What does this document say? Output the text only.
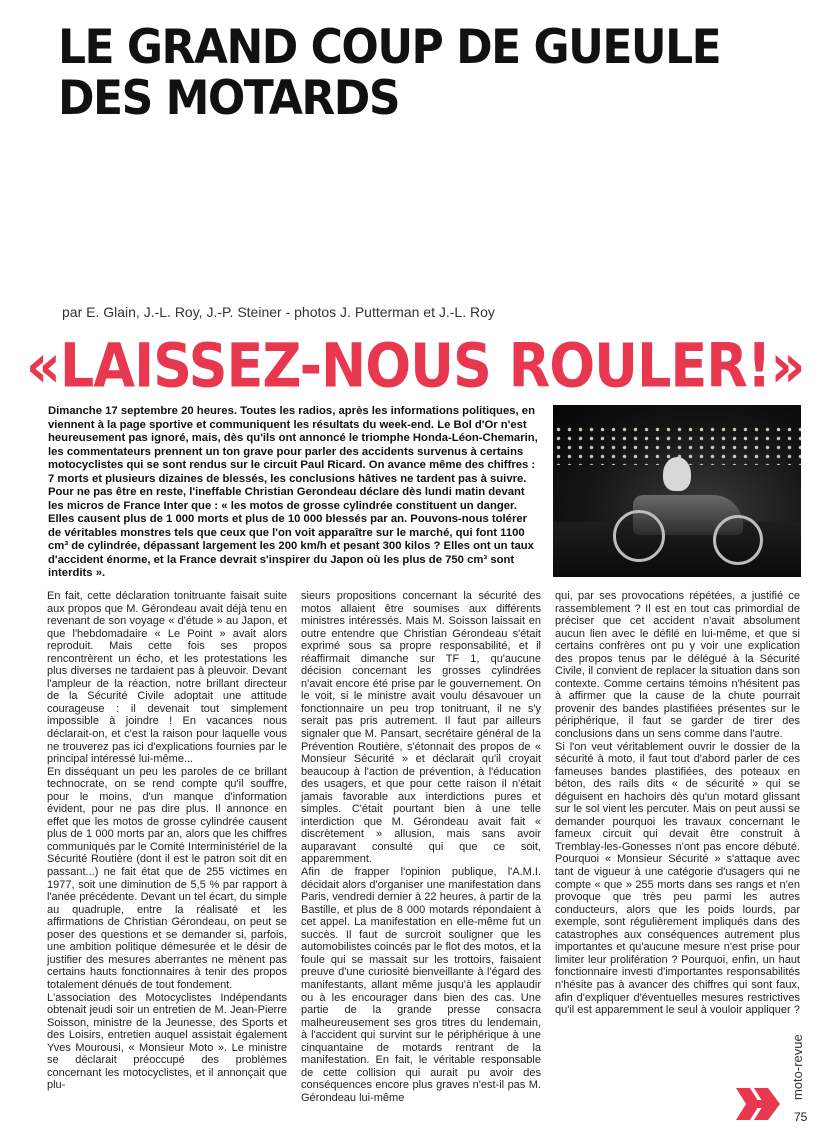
LE GRAND COUP DE GUEULE
DES MOTARDS
par E. Glain, J.-L. Roy, J.-P. Steiner - photos J. Putterman et J.-L. Roy
«LAISSEZ-NOUS ROULER!»
Dimanche 17 septembre 20 heures. Toutes les radios, après les informations politiques, en viennent à la page sportive et communiquent les résultats du week-end. Le Bol d'Or n'est heureusement pas ignoré, mais, dès qu'ils ont annoncé le triomphe Honda-Léon-Chemarin, les commentateurs prennent un ton grave pour parler des accidents survenus à certains motocyclistes qui se sont rendus sur le circuit Paul Ricard. On avance même des chiffres : 7 morts et plusieurs dizaines de blessés, les conclusions hâtives ne tardent pas à suivre. Pour ne pas être en reste, l'ineffable Christian Gerondeau déclare dès lundi matin devant les micros de France Inter que : « les motos de grosse cylindrée constituent un danger. Elles causent plus de 1 000 morts et plus de 10 000 blessés par an. Pouvons-nous tolérer de véritables monstres tels que ceux que l'on voit apparaître sur le marché, qui font 1100 cm³ de cylindrée, dépassant largement les 200 km/h et pesant 300 kilos ? Elles ont un taux d'accident énorme, et la France devrait s'inspirer du Japon où les plus de 750 cm³ sont interdits ».

En fait, cette déclaration tonitruante faisait suite aux propos que M. Gérondeau avait déjà tenu en revenant de son voyage « d'étude » au Japon, et que l'hebdomadaire « Le Point » avait alors reproduit. Mais cette fois ses propos rencontrèrent un écho, et les protestations les plus diverses ne tardaient pas à pleuvoir. Devant l'ampleur de la réaction, notre brillant directeur de la Sécurité Civile adoptait une attitude courageuse : il devenait tout simplement impossible à joindre ! En vacances nous déclarait-on, et c'est la raison pour laquelle vous ne trouverez pas ici d'explications fournies par le principal intéressé lui-même...

En disséquant un peu les paroles de ce brillant technocrate, on se rend compte qu'il souffre, pour le moins, d'un manque d'information évident, pour ne pas dire plus. Il annonce en effet que les motos de grosse cylindrée causent plus de 1 000 morts par an, alors que les chiffres communiqués par le Comité Interministériel de la Sécurité Routière (dont il est le patron soit dit en passant...) ne fait état que de 255 victimes en 1977, soit une diminution de 5,5 % par rapport à l'anée précédente. Devant un tel écart, du simple au quadruple, entre la réalisaté et les affirmations de Christian Gérondeau, on peut se poser des questions et se demander si, parfois, une ambition politique démesurée et le désir de justifier des mesures aberrantes ne mènent pas certains hauts fonctionnaires à tenir des propos totalement dénués de tout fondement.

L'association des Motocyclistes Indépendants obtenait jeudi soir un entretien de M. Jean-Pierre Soisson, ministre de la Jeunesse, des Sports et des Loisirs, entretien auquel assistait également Yves Mourousi, « Monsieur Moto ». Le ministre se déclarait préoccupé des problèmes concernant les motocyclistes, et il annonçait que plu-

sieurs propositions concernant la sécurité des motos allaient être soumises aux différents ministres intéressés. Mais M. Soisson laissait en outre entendre que Christian Gérondeau s'était exprimé sous sa propre responsabilité, et il réaffirmait dimanche sur TF 1, qu'aucune décision concernant les grosses cylindrées n'avait encore été prise par le gouvernement. On le voit, si le ministre avait voulu désavouer un fonctionnaire un peu trop tonitruant, il ne s'y serait pas pris autrement. Il faut par ailleurs signaler que M. Pansart, secrétaire général de la Prévention Routière, s'étonnait des propos de « Monsieur Sécurité » et déclarait qu'il croyait beaucoup à l'action de prévention, à l'éducation des usagers, et que pour cette raison il n'était jamais favorable aux interdictions pures et simples. C'était pourtant bien à une telle interdiction que M. Gérondeau avait fait « discrètement » allusion, mais sans avoir auparavant consulté qui que ce soit, apparemment.

Afin de frapper l'opinion publique, l'A.M.I. décidait alors d'organiser une manifestation dans Paris, vendredi dernier à 22 heures, à partir de la Bastille, et plus de 8 000 motards répondaient à cet appel. La manifestation en elle-même fut un succès. Il faut de surcroit souligner que les automobilistes coincés par le flot des motos, et la foule qui se massait sur les trottoirs, faisaient preuve d'une curiosité bienveillante à l'égard des manifestants, allant même jusqu'à les applaudir ou à les encourager dans bien des cas. Une partie de la grande presse consacra malheureusement ses gros titres du lendemain, à l'accident qui survint sur le périphérique à une cinquantaine de motards rentrant de la manifestation. En fait, le véritable responsable de cette collision qui aurait pu avoir des conséquences encore plus graves n'est-il pas M. Gérondeau lui-même

qui, par ses provocations répétées, a justifié ce rassemblement ? Il est en tout cas primordial de préciser que cet accident n'avait absolument aucun lien avec le défilé en lui-même, et que si certains confrères ont pu y voir une explication des propos tenus par le délégué à la Sécurité Civile, il convient de replacer la situation dans son contexte. Comme certains témoins n'hésitent pas à affirmer que la cause de la chute pourrait provenir des bandes plastifiées présentes sur le périphérique, il faut se garder de tirer des conclusions dans un sens comme dans l'autre.

Si l'on veut véritablement ouvrir le dossier de la sécurité à moto, il faut tout d'abord parler de ces fameuses bandes plastifiées, des poteaux en béton, des rails dits « de sécurité » qui se déguisent en hachoirs dès qu'un motard glissant sur le sol vient les percuter. Mais on peut aussi se demander pourquoi les travaux concernant le fameux circuit qui devait être construit à Tremblay-les-Gonesses n'ont pas encore débuté. Pourquoi « Monsieur Sécurité » s'attaque avec tant de vigueur à une catégorie d'usagers qui ne compte « que » 255 morts dans ses rangs et n'en provoque que très peu parmi les autres conducteurs, alors que les poids lourds, par exemple, sont régulièrement impliqués dans des catastrophes aux conséquences autrement plus importantes et qu'aucune mesure n'est prise pour limiter leur prolifération ? Pourquoi, enfin, un haut fonctionnaire investi d'importantes responsabilités n'hésite pas à avancer des chiffres qui sont faux, afin d'expliquer d'éventuelles mesures restrictives qu'il est apparemment le seul à vouloir appliquer ?

moto-revue
75
